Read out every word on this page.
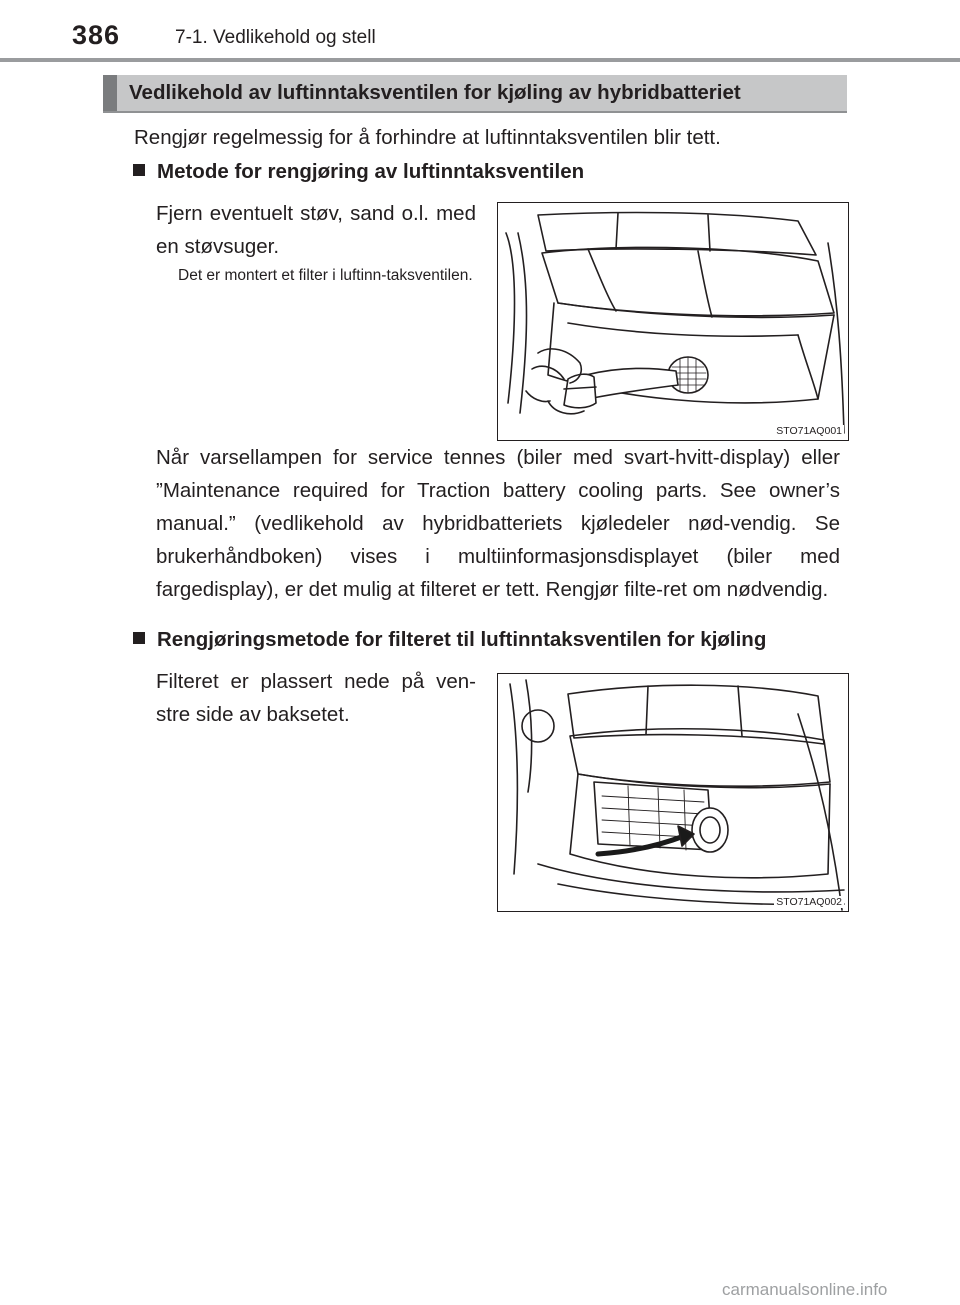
386	7-1. Vedlikehold og stell
Vedlikehold av luftinntaksventilen for kjøling av hybridbatteriet
Rengjør regelmessig for å forhindre at luftinntaksventilen blir tett.
Metode for rengjøring av luftinntaksventilen
Fjern eventuelt støv, sand o.l. med en støvsuger.
Det er montert et filter i luftinn-taksventilen.
STO71AQ001
Når varsellampen for service tennes (biler med svart-hvitt-display) eller ”Maintenance required for Traction battery cooling parts. See owner’s manual.” (vedlikehold av hybridbatteriets kjøledeler nød-vendig. Se brukerhåndboken) vises i multiinformasjonsdisplayet (biler med fargedisplay), er det mulig at filteret er tett. Rengjør filte-ret om nødvendig.
Rengjøringsmetode for filteret til luftinntaksventilen for kjøling
Filteret er plassert nede på ven-stre side av baksetet.
STO71AQ002
carmanualsonline.info
